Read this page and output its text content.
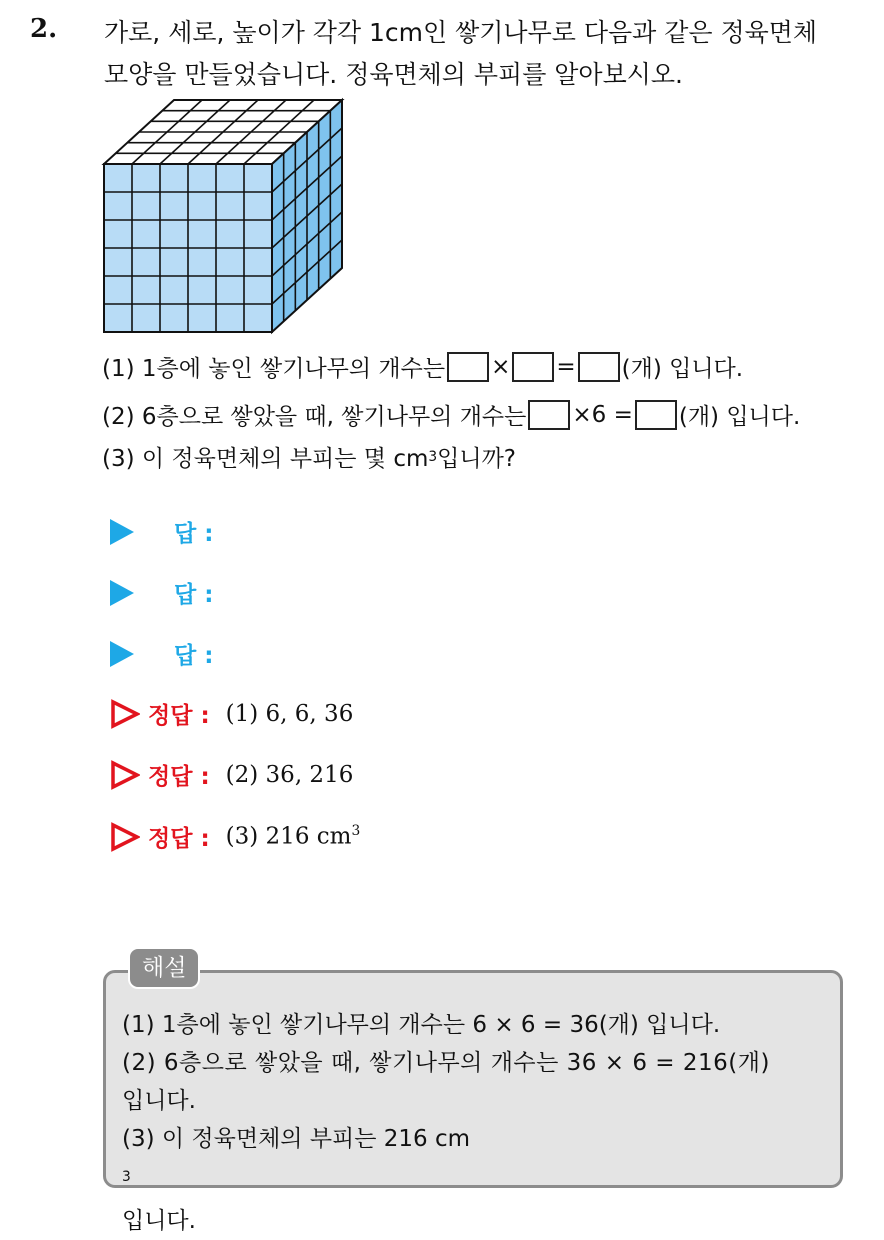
2. 가로, 세로, 높이가 각각 1cm인 쌓기나무로 다음과 같은 정육면체
모양을 만들었습니다. 정육면체의 부피를 알아보시오.
(1) 1층에 놓인 쌓기나무의 개수는 × = (개) 입니다.
(2) 6층으로 쌓았을 때, 쌓기나무의 개수는 ×6 = (개) 입니다.
(3) 이 정육면체의 부피는 몇 cm 3 입니까?
답 :
답 :
답 :
정답 : (1) 6, 6, 36
정답 : (2) 36, 216
정답 : (3) 216 $cm^3$
해설
(1) 1층에 놓인 쌓기나무의 개수는 6 × 6 = 36(개) 입니다.
(2) 6층으로 쌓았을 때, 쌓기나무의 개수는 36 × 6 = 216(개)
입니다.
(3) 이 정육면체의 부피는 216 cm
$^3$
입니다.
